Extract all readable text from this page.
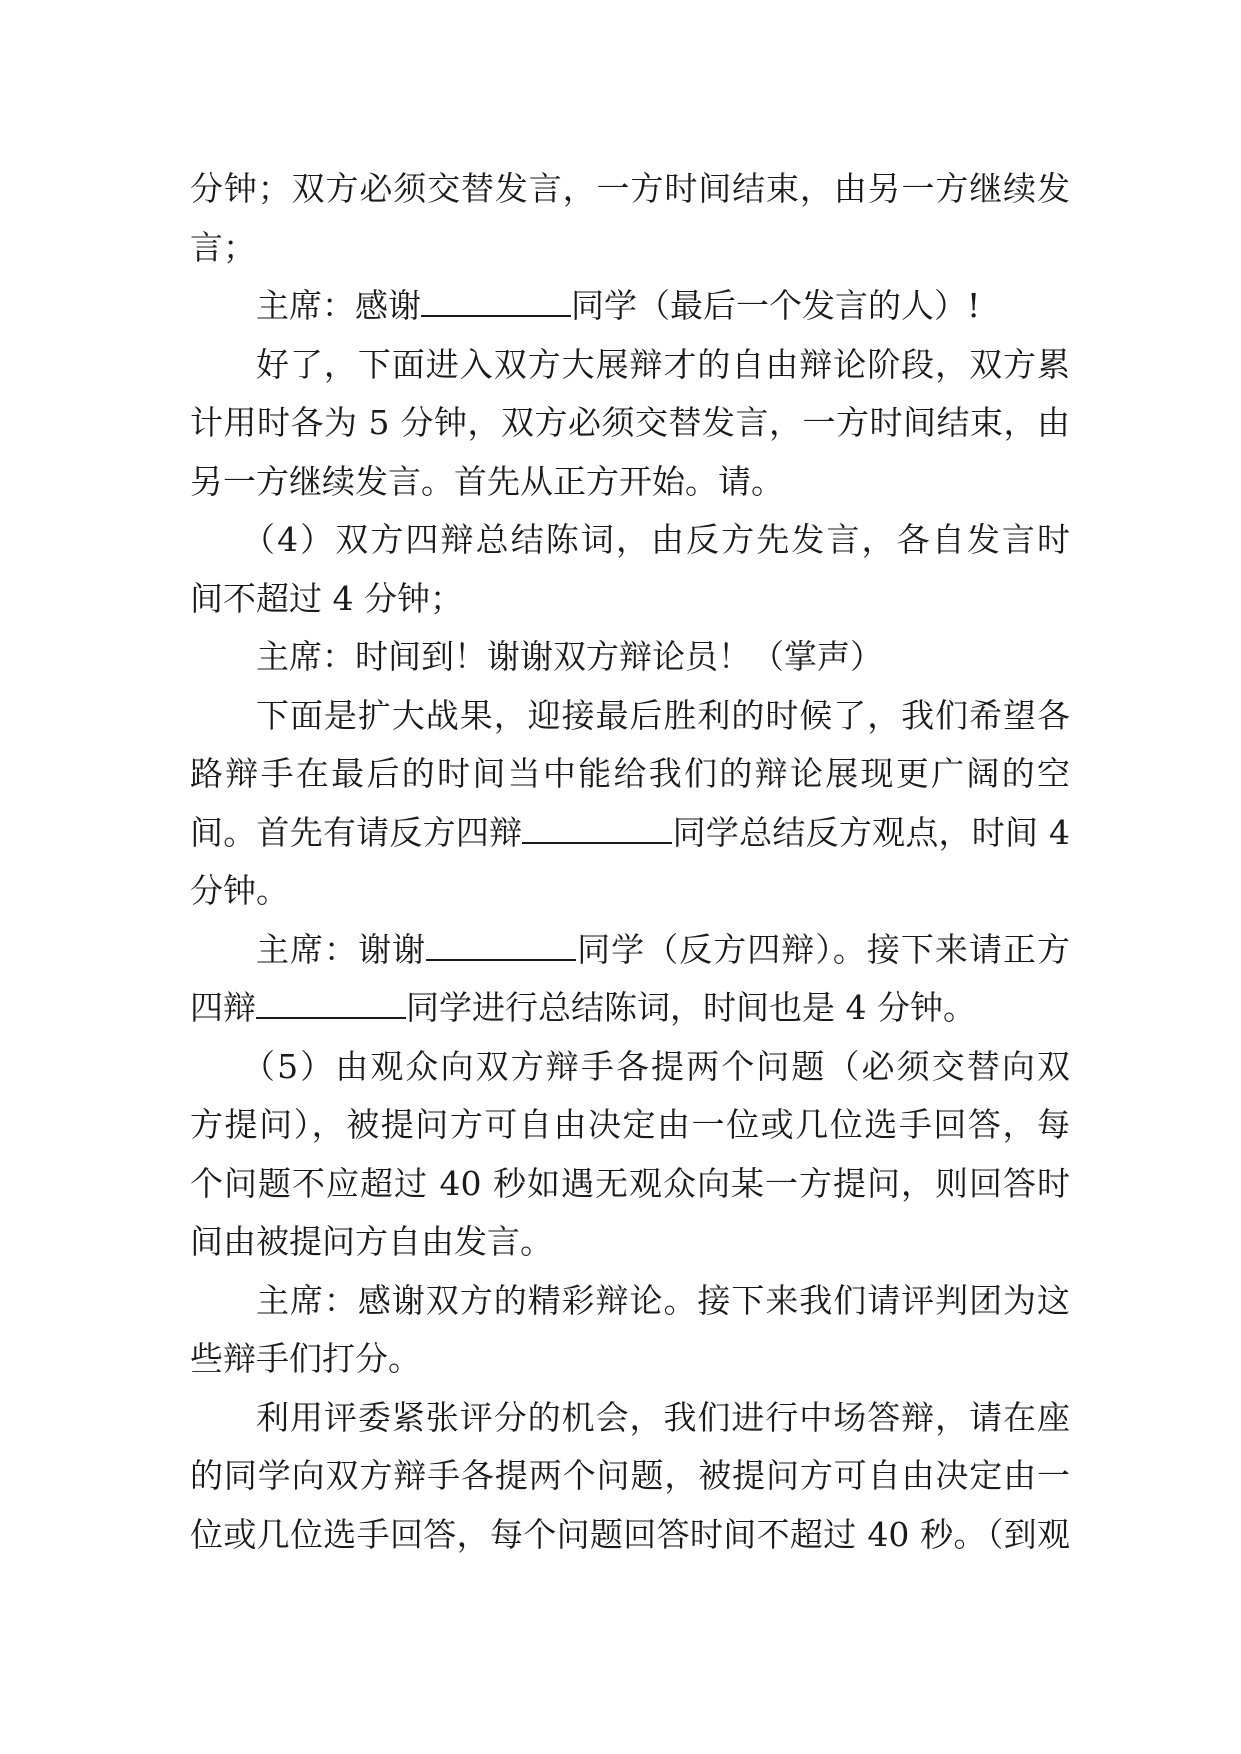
分钟；双方必须交替发言，一方时间结束，由另一方继续发
言；
主席：感谢	同学（最后一个发言的人）!
好了，下面进入双方大展辩才的自由辩论阶段，双方累
计用时各为 5 分钟，双方必须交替发言，一方时间结束，由
另一方继续发言。首先从正方开始。请。
（4）双方四辩总结陈词，由反方先发言，各自发言时
间不超过 4 分钟；
主席：时间到！谢谢双方辩论员！（掌声）
下面是扩大战果，迎接最后胜利的时候了，我们希望各
路辩手在最后的时间当中能给我们的辩论展现更广阔的空
间。首先有请反方四辩	同学总结反方观点，时间 4
分钟。
主席：谢谢	同学（反方四辩）。接下来请正方
四辩	同学进行总结陈词，时间也是 4 分钟。
（5）由观众向双方辩手各提两个问题（必须交替向双
方提问），被提问方可自由决定由一位或几位选手回答，每
个问题不应超过 40 秒如遇无观众向某一方提问，则回答时
间由被提问方自由发言。
主席：感谢双方的精彩辩论。接下来我们请评判团为这
些辩手们打分。
利用评委紧张评分的机会，我们进行中场答辩，请在座
的同学向双方辩手各提两个问题，被提问方可自由决定由一
位或几位选手回答，每个问题回答时间不超过 40 秒。（到观
